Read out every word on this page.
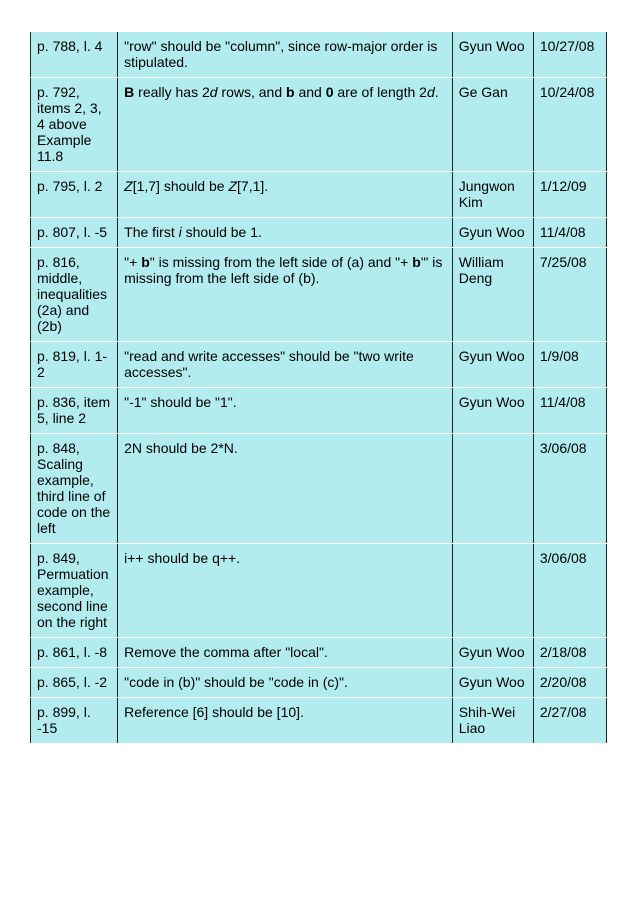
p. 788, l. 4	"row" should be "column", since row-major order is stipulated.	Gyun Woo	10/27/08
p. 792, items 2, 3, 4 above Example 11.8	B really has 2d rows, and b and 0 are of length 2d.	Ge Gan	10/24/08
p. 795, l. 2	Z[1,7] should be Z[7,1].	Jungwon Kim	1/12/09
p. 807, l. -5	The first i should be 1.	Gyun Woo	11/4/08
p. 816, middle, inequalities (2a) and (2b)	"+ b" is missing from the left side of (a) and "+ b'" is missing from the left side of (b).	William Deng	7/25/08
p. 819, l. 1-2	"read and write accesses" should be "two write accesses".	Gyun Woo	1/9/08
p. 836, item 5, line 2	"-1" should be "1".	Gyun Woo	11/4/08
p. 848, Scaling example, third line of code on the left	2N should be 2*N.		3/06/08
p. 849, Permuation example, second line on the right	i++ should be q++.		3/06/08
p. 861, l. -8	Remove the comma after "local".	Gyun Woo	2/18/08
p. 865, l. -2	"code in (b)" should be "code in (c)".	Gyun Woo	2/20/08
p. 899, l. -15	Reference [6] should be [10].	Shih-Wei Liao	2/27/08
